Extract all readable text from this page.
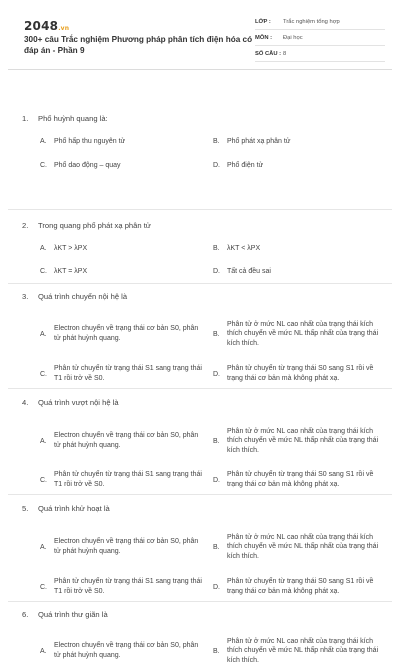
2048.vn
300+ câu Trắc nghiệm Phương pháp phân tích điện hóa có đáp án - Phần 9
LỚP :	Trắc nghiệm tổng hợp
MÔN :	Đại học
SỐ CÂU : 8
1. Phổ huỳnh quang là:
A.	Phổ hấp thu nguyên tử	B.	Phổ phát xạ phân tử
C.	Phổ dao động – quay	D.	Phổ điện tử
2. Trong quang phổ phát xạ phân tử
A.	λKT > λPX	B.	λKT < λPX
C.	λKT = λPX	D.	Tất cả đều sai
3. Quá trình chuyển nội hệ là
A.
Electron chuyển về trạng thái cơ bản S0, phân tử phát huỳnh quang.
B.
Phân tử ở mức NL cao nhất của trạng thái kích thích chuyển về mức NL thấp nhất của trạng thái kích thích.
C.
Phân tử chuyển từ trạng thái S1 sang trạng thái T1 rồi trở về S0.
D.
Phân tử chuyển từ trạng thái S0 sang S1 rồi về trạng thái cơ bản mà không phát xạ.
4. Quá trình vượt nội hệ là
A.
Electron chuyển về trạng thái cơ bản S0, phân tử phát huỳnh quang.
B.
Phân tử ở mức NL cao nhất của trạng thái kích thích chuyển về mức NL thấp nhất của trạng thái kích thích.
C.
Phân tử chuyển từ trạng thái S1 sang trạng thái T1 rồi trở về S0.
D.
Phân tử chuyển từ trạng thái S0 sang S1 rồi về trạng thái cơ bản mà không phát xạ.
5. Quá trình khử hoạt là
A.
Electron chuyển về trạng thái cơ bản S0, phân tử phát huỳnh quang.
B.
Phân tử ở mức NL cao nhất của trạng thái kích thích chuyển về mức NL thấp nhất của trạng thái kích thích.
C.
Phân tử chuyển từ trạng thái S1 sang trạng thái T1 rồi trở về S0.
D.
Phân tử chuyển từ trạng thái S0 sang S1 rồi về trạng thái cơ bản mà không phát xạ.
6. Quá trình thư giãn là
A.
Electron chuyển về trạng thái cơ bản S0, phân tử phát huỳnh quang.
B.
Phân tử ở mức NL cao nhất của trạng thái kích thích chuyển về mức NL thấp nhất của trạng thái kích thích.
